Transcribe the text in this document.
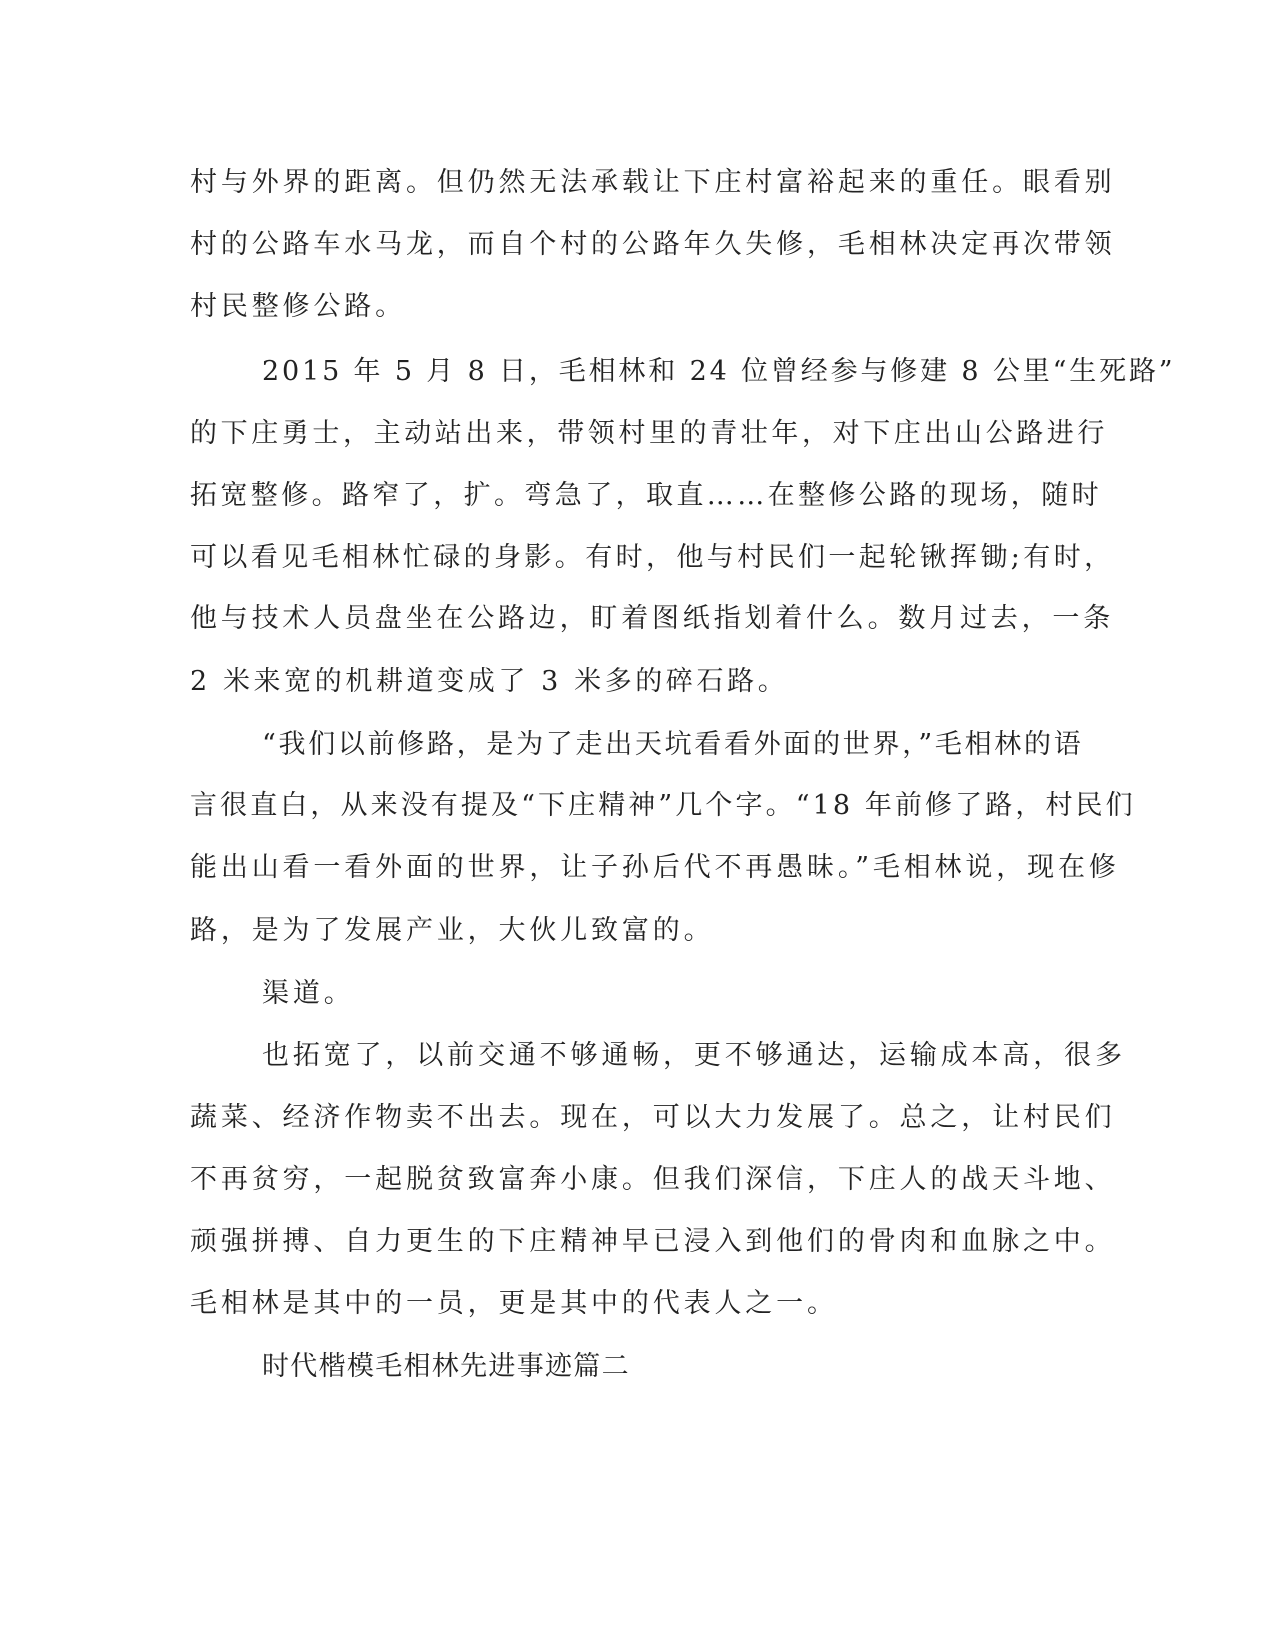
村与外界的距离。但仍然无法承载让下庄村富裕起来的重任。眼看别
村的公路车水马龙，而自个村的公路年久失修，毛相林决定再次带领
村民整修公路。
2015 年 5 月 8 日，毛相林和 24 位曾经参与修建 8 公里“生死路”
的下庄勇士，主动站出来，带领村里的青壮年，对下庄出山公路进行
拓宽整修。路窄了，扩。弯急了，取直……在整修公路的现场，随时
可以看见毛相林忙碌的身影。有时，他与村民们一起轮锹挥锄;有时，
他与技术人员盘坐在公路边，盯着图纸指划着什么。数月过去，一条
2 米来宽的机耕道变成了 3 米多的碎石路。
“我们以前修路，是为了走出天坑看看外面的世界，”毛相林的语
言很直白，从来没有提及“下庄精神”几个字。“18 年前修了路，村民们
能出山看一看外面的世界，让子孙后代不再愚昧。”毛相林说，现在修
路，是为了发展产业，大伙儿致富的。
渠道。
也拓宽了，以前交通不够通畅，更不够通达，运输成本高，很多
蔬菜、经济作物卖不出去。现在，可以大力发展了。总之，让村民们
不再贫穷，一起脱贫致富奔小康。但我们深信，下庄人的战天斗地、
顽强拼搏、自力更生的下庄精神早已浸入到他们的骨肉和血脉之中。
毛相林是其中的一员，更是其中的代表人之一。
时代楷模毛相林先进事迹篇二
